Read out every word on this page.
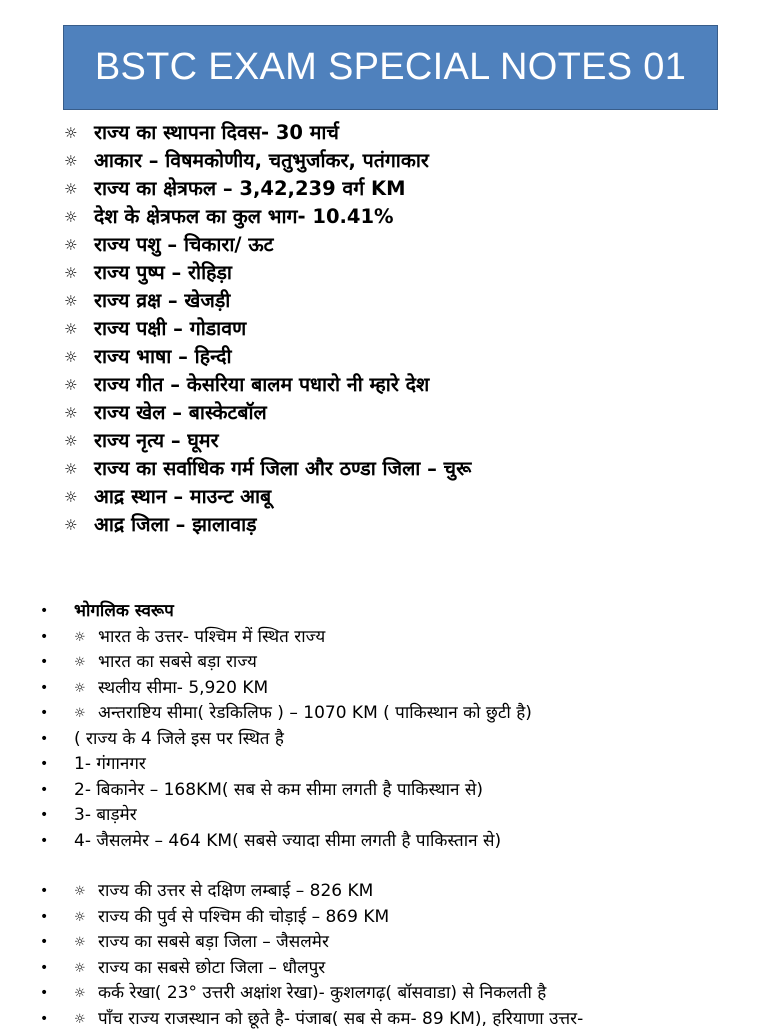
BSTC EXAM SPECIAL NOTES 01
☼ राज्य का स्थापना दिवस- 30 मार्च
☼ आकार – विषमकोणीय, चतुभुर्जाकर, पतंगाकार
☼ राज्य का क्षेत्रफल – 3,42,239 वर्ग KM
☼ देश के क्षेत्रफल का कुल भाग- 10.41%
☼ राज्य पशु – चिकारा/ ऊट
☼ राज्य पुष्प – रोहिड़ा
☼ राज्य व्रक्ष – खेजड़ी
☼ राज्य पक्षी – गोडावण
☼ राज्य भाषा – हिन्दी
☼ राज्य गीत – केसरिया बालम पधारो नी म्हारे देश
☼ राज्य खेल – बास्केटबॉल
☼ राज्य नृत्य – घूमर
☼ राज्य का सर्वाधिक गर्म जिला और ठण्डा जिला – चुरू
☼ आद्र स्थान – माउन्ट आबू
☼ आद्र जिला – झालावाड़
•	भोगलिक स्वरूप
•	☼ भारत के उत्तर- पश्चिम में स्थित राज्य
•	☼ भारत का सबसे बड़ा राज्य
•	☼ स्थलीय सीमा- 5,920 KM
•	☼ अन्तराष्टिय सीमा( रेडकिलिफ ) – 1070 KM ( पाकिस्थान को छुटी है)
•	( राज्य के 4 जिले इस पर स्थित है
•	1- गंगानगर
•	2- बिकानेर – 168KM( सब से कम सीमा लगती है पाकिस्थान से)
•	3- बाड़मेर
•	4- जैसलमेर – 464 KM( सबसे ज्यादा सीमा लगती है पाकिस्तान से)
•	☼ राज्य की उत्तर से दक्षिण लम्बाई – 826 KM
•	☼ राज्य की पुर्व से पश्चिम की चोड़ाई – 869 KM
•	☼ राज्य का सबसे बड़ा जिला – जैसलमेर
•	☼ राज्य का सबसे छोटा जिला – धौलपुर
•	☼ कर्क रेखा( 23° उत्तरी अक्षांश रेखा)- कुशलगढ़( बॉसवाडा) से निकलती है
•	☼ पाँच राज्य राजस्थान को छूते है- पंजाब( सब से कम- 89 KM), हरियाणा उत्तर-
